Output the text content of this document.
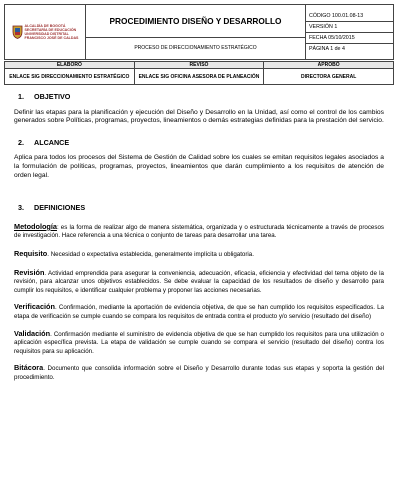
ALCALDÍA DE BOGOTÁ
SECRETARÍA DE EDUCACIÓN
UNIVERSIDAD DISTRITAL
FRANCISCO JOSÉ DE CALDAS
	PROCEDIMIENTO DISEÑO Y DESARROLLO	
CÓDIGO 100.01.08-13
VERSIÓN 1
FECHA 05/10/2015
PÁGINA 1 de 4

PROCESO DE DIRECCIONAMIENTO ESTRATÉGICO
ELABORÓ	REVISÓ	APROBÓ
ENLACE SIG DIRECCIONAMIENTO ESTRATÉGICO	ENLACE SIG OFICINA ASESORA DE PLANEACIÓN	DIRECTORA GENERAL
1. OBJETIVO

Definir las etapas para la planificación y ejecución del Diseño y Desarrollo en la Unidad, así como el control de los cambios generados sobre Políticas, programas, proyectos, lineamientos o demás estrategias definidas para la prestación del servicio.

2. ALCANCE

Aplica para todos los procesos del Sistema de Gestión de Calidad sobre los cuales se emitan requisitos legales asociados a la formulación de políticas, programas, proyectos, lineamientos que darán cumplimiento a los requisitos de atención de orden legal.

3. DEFINICIONES

Metodología: es la forma de realizar algo de manera sistemática, organizada y o estructurada técnicamente a través de procesos de investigación. Hace referencia a una técnica o conjunto de tareas para desarrollar una tarea.

Requisito. Necesidad o expectativa establecida, generalmente implícita u obligatoria.

Revisión. Actividad emprendida para asegurar la conveniencia, adecuación, eficacia, eficiencia y efectividad del tema objeto de la revisión, para alcanzar unos objetivos establecidos. Se debe evaluar la capacidad de los resultados de diseño y desarrollo para cumplir los requisitos, e identificar cualquier problema y proponer las acciones necesarias.

Verificación. Confirmación, mediante la aportación de evidencia objetiva, de que se han cumplido los requisitos especificados. La etapa de verificación se cumple cuando se compara los requisitos de entrada contra el producto y/o servicio (resultado del diseño)

Validación. Confirmación mediante el suministro de evidencia objetiva de que se han cumplido los requisitos para una utilización o aplicación específica prevista. La etapa de validación se cumple cuando se compara el servicio (resultado del diseño) contra los requisitos para su aplicación.

Bitácora. Documento que consolida información sobre el Diseño y Desarrollo durante todas sus etapas y soporta la gestión del procedimiento.
